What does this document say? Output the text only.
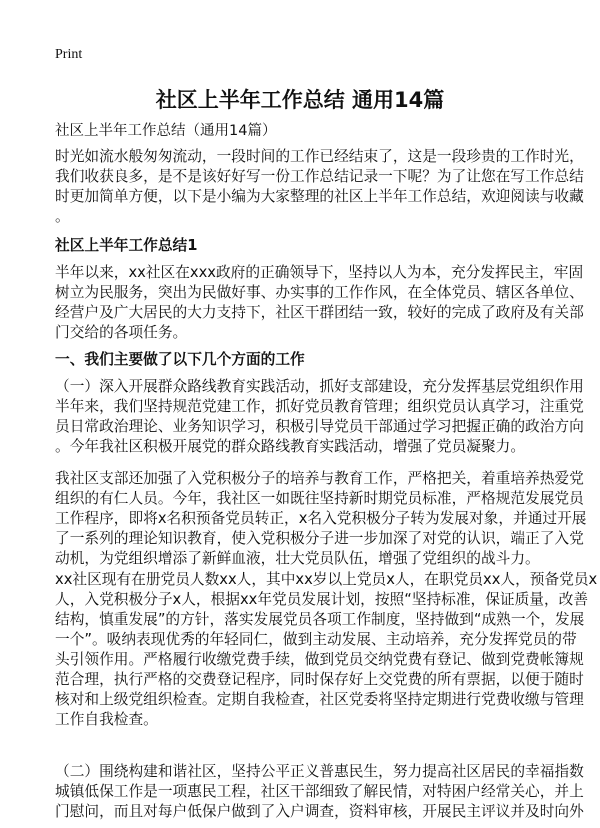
Print
社区上半年工作总结 通用14篇
社区上半年工作总结（通用14篇）
时光如流水般匆匆流动，一段时间的工作已经结束了，这是一段珍贵的工作时光，
我们收获良多，是不是该好好写一份工作总结记录一下呢？为了让您在写工作总结
时更加简单方便，以下是小编为大家整理的社区上半年工作总结，欢迎阅读与收藏
。
社区上半年工作总结1
半年以来，xx社区在xxx政府的正确领导下，坚持以人为本，充分发挥民主，牢固
树立为民服务，突出为民做好事、办实事的工作作风，在全体党员、辖区各单位、
经营户及广大居民的大力支持下，社区干群团结一致，较好的完成了政府及有关部
门交给的各项任务。
一、我们主要做了以下几个方面的工作
（一）深入开展群众路线教育实践活动，抓好支部建设，充分发挥基层党组织作用
半年来，我们坚持规范党建工作，抓好党员教育管理；组织党员认真学习，注重党
员日常政治理论、业务知识学习，积极引导党员干部通过学习把握正确的政治方向
。今年我社区积极开展党的群众路线教育实践活动，增强了党员凝聚力。
我社区支部还加强了入党积极分子的培养与教育工作，严格把关，着重培养热爱党
组织的有仁人员。今年，我社区一如既往坚持新时期党员标准，严格规范发展党员
工作程序，即将x名积预备党员转正，x名入党积极分子转为发展对象，并通过开展
了一系列的理论知识教育，使入党积极分子进一步加深了对党的认识，端正了入党
动机，为党组织增添了新鲜血液，壮大党员队伍，增强了党组织的战斗力。
xx社区现有在册党员人数xx人，其中xx岁以上党员x人，在职党员xx人，预备党员x
人，入党积极分子x人，根据xx年党员发展计划，按照“坚持标准，保证质量，改善
结构，慎重发展”的方针，落实发展党员各项工作制度，坚持做到“成熟一个，发展
一个”。吸纳表现优秀的年轻同仁，做到主动发展、主动培养，充分发挥党员的带
头引领作用。严格履行收缴党费手续，做到党员交纳党费有登记、做到党费帐簿规
范合理，执行严格的交费登记程序，同时保存好上交党费的所有票据，以便于随时
核对和上级党组织检查。定期自我检查，社区党委将坚持定期进行党费收缴与管理
工作自我检查。
（二）围绕构建和谐社区，坚持公平正义普惠民生，努力提高社区居民的幸福指数
城镇低保工作是一项惠民工程，社区干部细致了解民情，对特困户经常关心，并上
门慰问，而且对每户低保户做到了入户调查，资料审核，开展民主评议并及时向外
